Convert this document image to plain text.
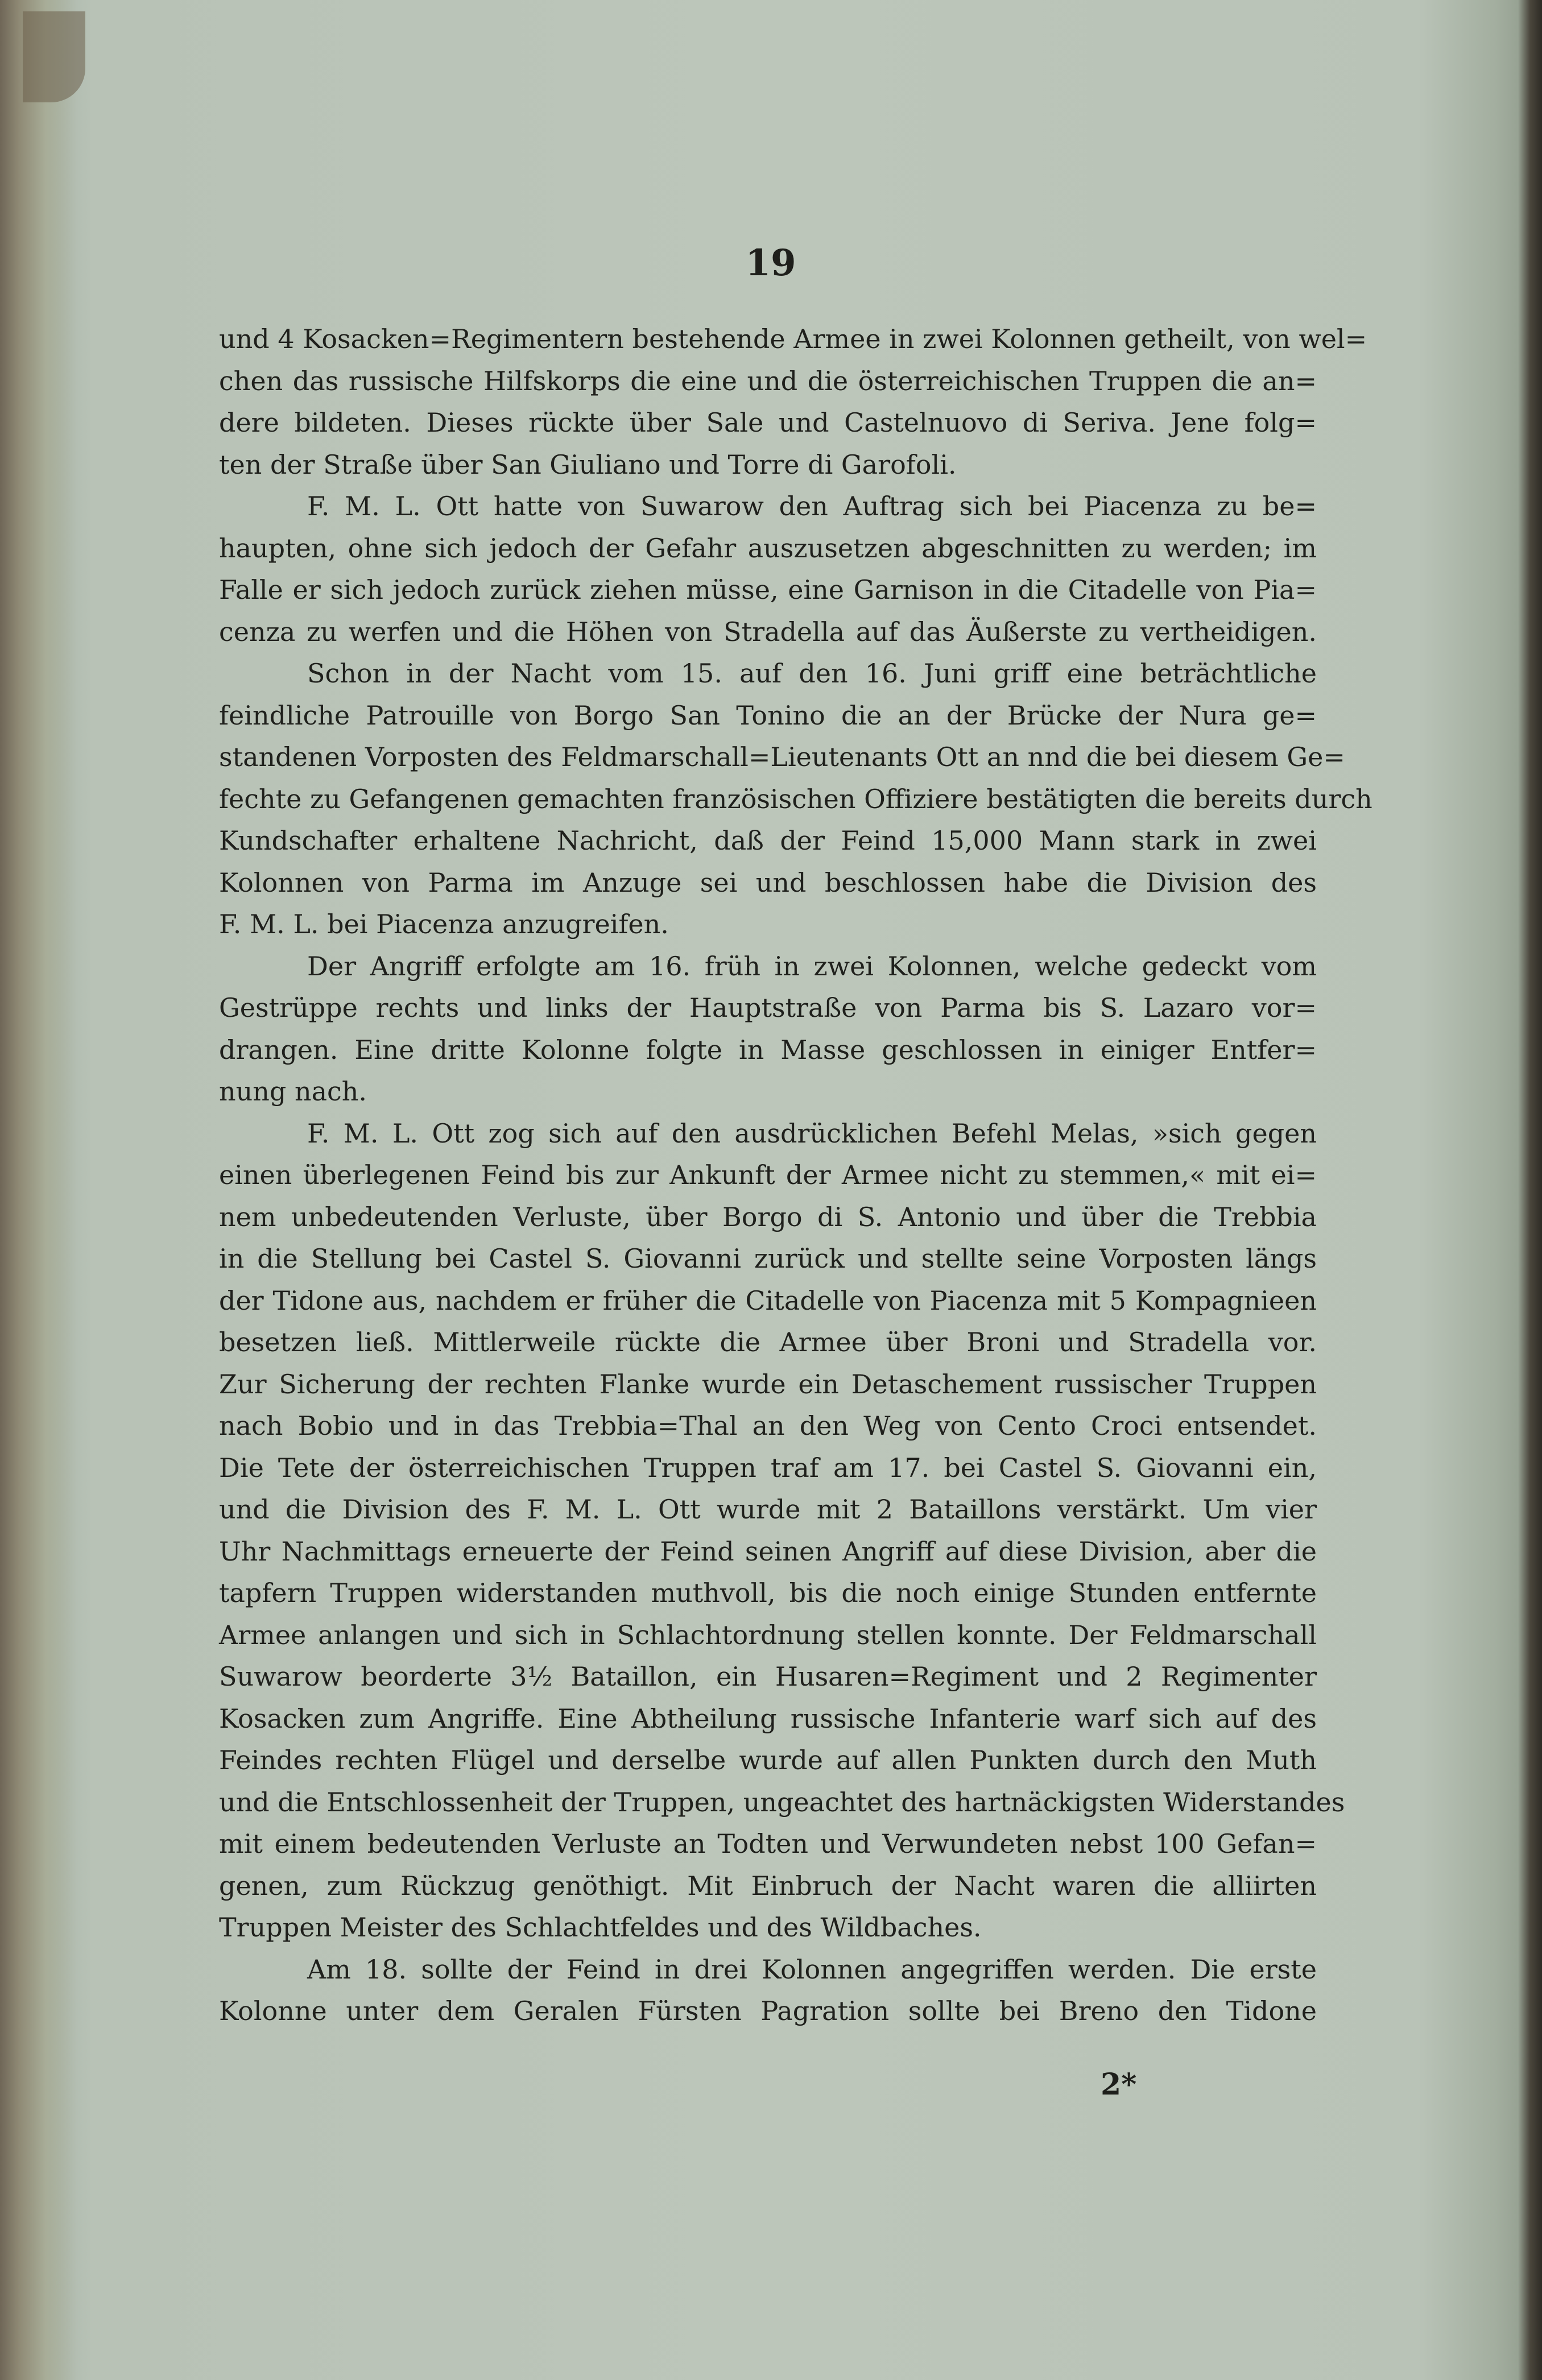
19
und 4 Kosacken=Regimentern bestehende Armee in zwei Kolonnen getheilt, von wel=
chen das russische Hilfskorps die eine und die österreichischen Truppen die an=
dere bildeten. Dieses rückte über Sale und Castelnuovo di Seriva. Jene folg=
ten der Straße über San Giuliano und Torre di Garofoli.
F. M. L. Ott hatte von Suwarow den Auftrag sich bei Piacenza zu be=
haupten, ohne sich jedoch der Gefahr auszusetzen abgeschnitten zu werden; im
Falle er sich jedoch zurück ziehen müsse, eine Garnison in die Citadelle von Pia=
cenza zu werfen und die Höhen von Stradella auf das Äußerste zu vertheidigen.
Schon in der Nacht vom 15. auf den 16. Juni griff eine beträchtliche
feindliche Patrouille von Borgo San Tonino die an der Brücke der Nura ge=
standenen Vorposten des Feldmarschall=Lieutenants Ott an nnd die bei diesem Ge=
fechte zu Gefangenen gemachten französischen Offiziere bestätigten die bereits durch
Kundschafter erhaltene Nachricht, daß der Feind 15,000 Mann stark in zwei
Kolonnen von Parma im Anzuge sei und beschlossen habe die Division des
F. M. L. bei Piacenza anzugreifen.
Der Angriff erfolgte am 16. früh in zwei Kolonnen, welche gedeckt vom
Gestrüppe rechts und links der Hauptstraße von Parma bis S. Lazaro vor=
drangen. Eine dritte Kolonne folgte in Masse geschlossen in einiger Entfer=
nung nach.
F. M. L. Ott zog sich auf den ausdrücklichen Befehl Melas, »sich gegen
einen überlegenen Feind bis zur Ankunft der Armee nicht zu stemmen,« mit ei=
nem unbedeutenden Verluste, über Borgo di S. Antonio und über die Trebbia
in die Stellung bei Castel S. Giovanni zurück und stellte seine Vorposten längs
der Tidone aus, nachdem er früher die Citadelle von Piacenza mit 5 Kompagnieen
besetzen ließ. Mittlerweile rückte die Armee über Broni und Stradella vor.
Zur Sicherung der rechten Flanke wurde ein Detaschement russischer Truppen
nach Bobio und in das Trebbia=Thal an den Weg von Cento Croci entsendet.
Die Tete der österreichischen Truppen traf am 17. bei Castel S. Giovanni ein,
und die Division des F. M. L. Ott wurde mit 2 Bataillons verstärkt. Um vier
Uhr Nachmittags erneuerte der Feind seinen Angriff auf diese Division, aber die
tapfern Truppen widerstanden muthvoll, bis die noch einige Stunden entfernte
Armee anlangen und sich in Schlachtordnung stellen konnte. Der Feldmarschall
Suwarow beorderte 3½ Bataillon, ein Husaren=Regiment und 2 Regimenter
Kosacken zum Angriffe. Eine Abtheilung russische Infanterie warf sich auf des
Feindes rechten Flügel und derselbe wurde auf allen Punkten durch den Muth
und die Entschlossenheit der Truppen, ungeachtet des hartnäckigsten Widerstandes
mit einem bedeutenden Verluste an Todten und Verwundeten nebst 100 Gefan=
genen, zum Rückzug genöthigt. Mit Einbruch der Nacht waren die alliirten
Truppen Meister des Schlachtfeldes und des Wildbaches.
Am 18. sollte der Feind in drei Kolonnen angegriffen werden. Die erste
Kolonne unter dem Geralen Fürsten Pagration sollte bei Breno den Tidone
2*
